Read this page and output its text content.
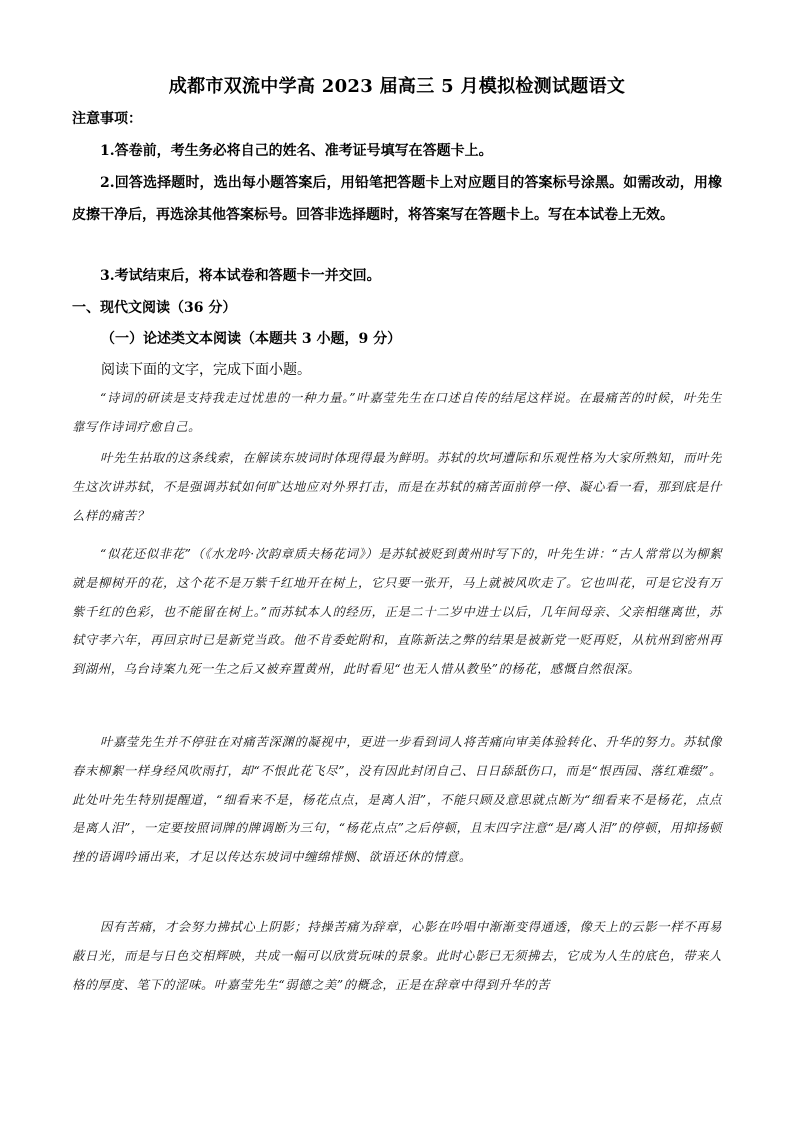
成都市双流中学高 2023 届高三 5 月模拟检测试题语文
注意事项：

1.答卷前，考生务必将自己的姓名、准考证号填写在答题卡上。

2.回答选择题时，选出每小题答案后，用铅笔把答题卡上对应题目的答案标号涂黑。如需改动，用橡皮擦干净后，再选涂其他答案标号。回答非选择题时，将答案写在答题卡上。写在本试卷上无效。

3.考试结束后，将本试卷和答题卡一并交回。

一、现代文阅读（36 分）
（一）论述类文本阅读（本题共 3 小题，9 分）
阅读下面的文字，完成下面小题。

“诗词的研读是支持我走过忧患的一种力量。”叶嘉莹先生在口述自传的结尾这样说。在最痛苦的时候，叶先生靠写作诗词疗愈自己。

叶先生拈取的这条线索，在解读东坡词时体现得最为鲜明。苏轼的坎坷遭际和乐观性格为大家所熟知，而叶先生这次讲苏轼，不是强调苏轼如何旷达地应对外界打击，而是在苏轼的痛苦面前停一停、凝心看一看，那到底是什么样的痛苦？

“似花还似非花”（《水龙吟·次韵章质夫杨花词》）是苏轼被贬到黄州时写下的，叶先生讲：“古人常常以为柳絮就是柳树开的花，这个花不是万紫千红地开在树上，它只要一张开，马上就被风吹走了。它也叫花，可是它没有万紫千红的色彩，也不能留在树上。”而苏轼本人的经历，正是二十二岁中进士以后，几年间母亲、父亲相继离世，苏轼守孝六年，再回京时已是新党当政。他不肯委蛇附和，直陈新法之弊的结果是被新党一贬再贬，从杭州到密州再到湖州，乌台诗案九死一生之后又被弃置黄州，此时看见“也无人惜从教坠”的杨花，感慨自然很深。

叶嘉莹先生并不停驻在对痛苦深渊的凝视中，更进一步看到词人将苦痛向审美体验转化、升华的努力。苏轼像春末柳絮一样身经风吹雨打，却“不恨此花飞尽”，没有因此封闭自己、日日舔舐伤口，而是“恨西园、落红难缀”。此处叶先生特别提醒道，“细看来不是，杨花点点，是离人泪”，不能只顾及意思就点断为“细看来不是杨花，点点是离人泪”，一定要按照词牌的牌调断为三句，“杨花点点”之后停顿，且末四字注意“是/离人泪”的停顿，用抑扬顿挫的语调吟诵出来，才足以传达东坡词中缠绵悱恻、欲语还休的情意。

因有苦痛，才会努力拂拭心上阴影；持操苦痛为辞章，心影在吟唱中渐渐变得通透，像天上的云影一样不再易蔽日光，而是与日色交相辉映，共成一幅可以欣赏玩味的景象。此时心影已无须拂去，它成为人生的底色，带来人格的厚度、笔下的涩味。叶嘉莹先生“弱德之美”的概念，正是在辞章中得到升华的苦
